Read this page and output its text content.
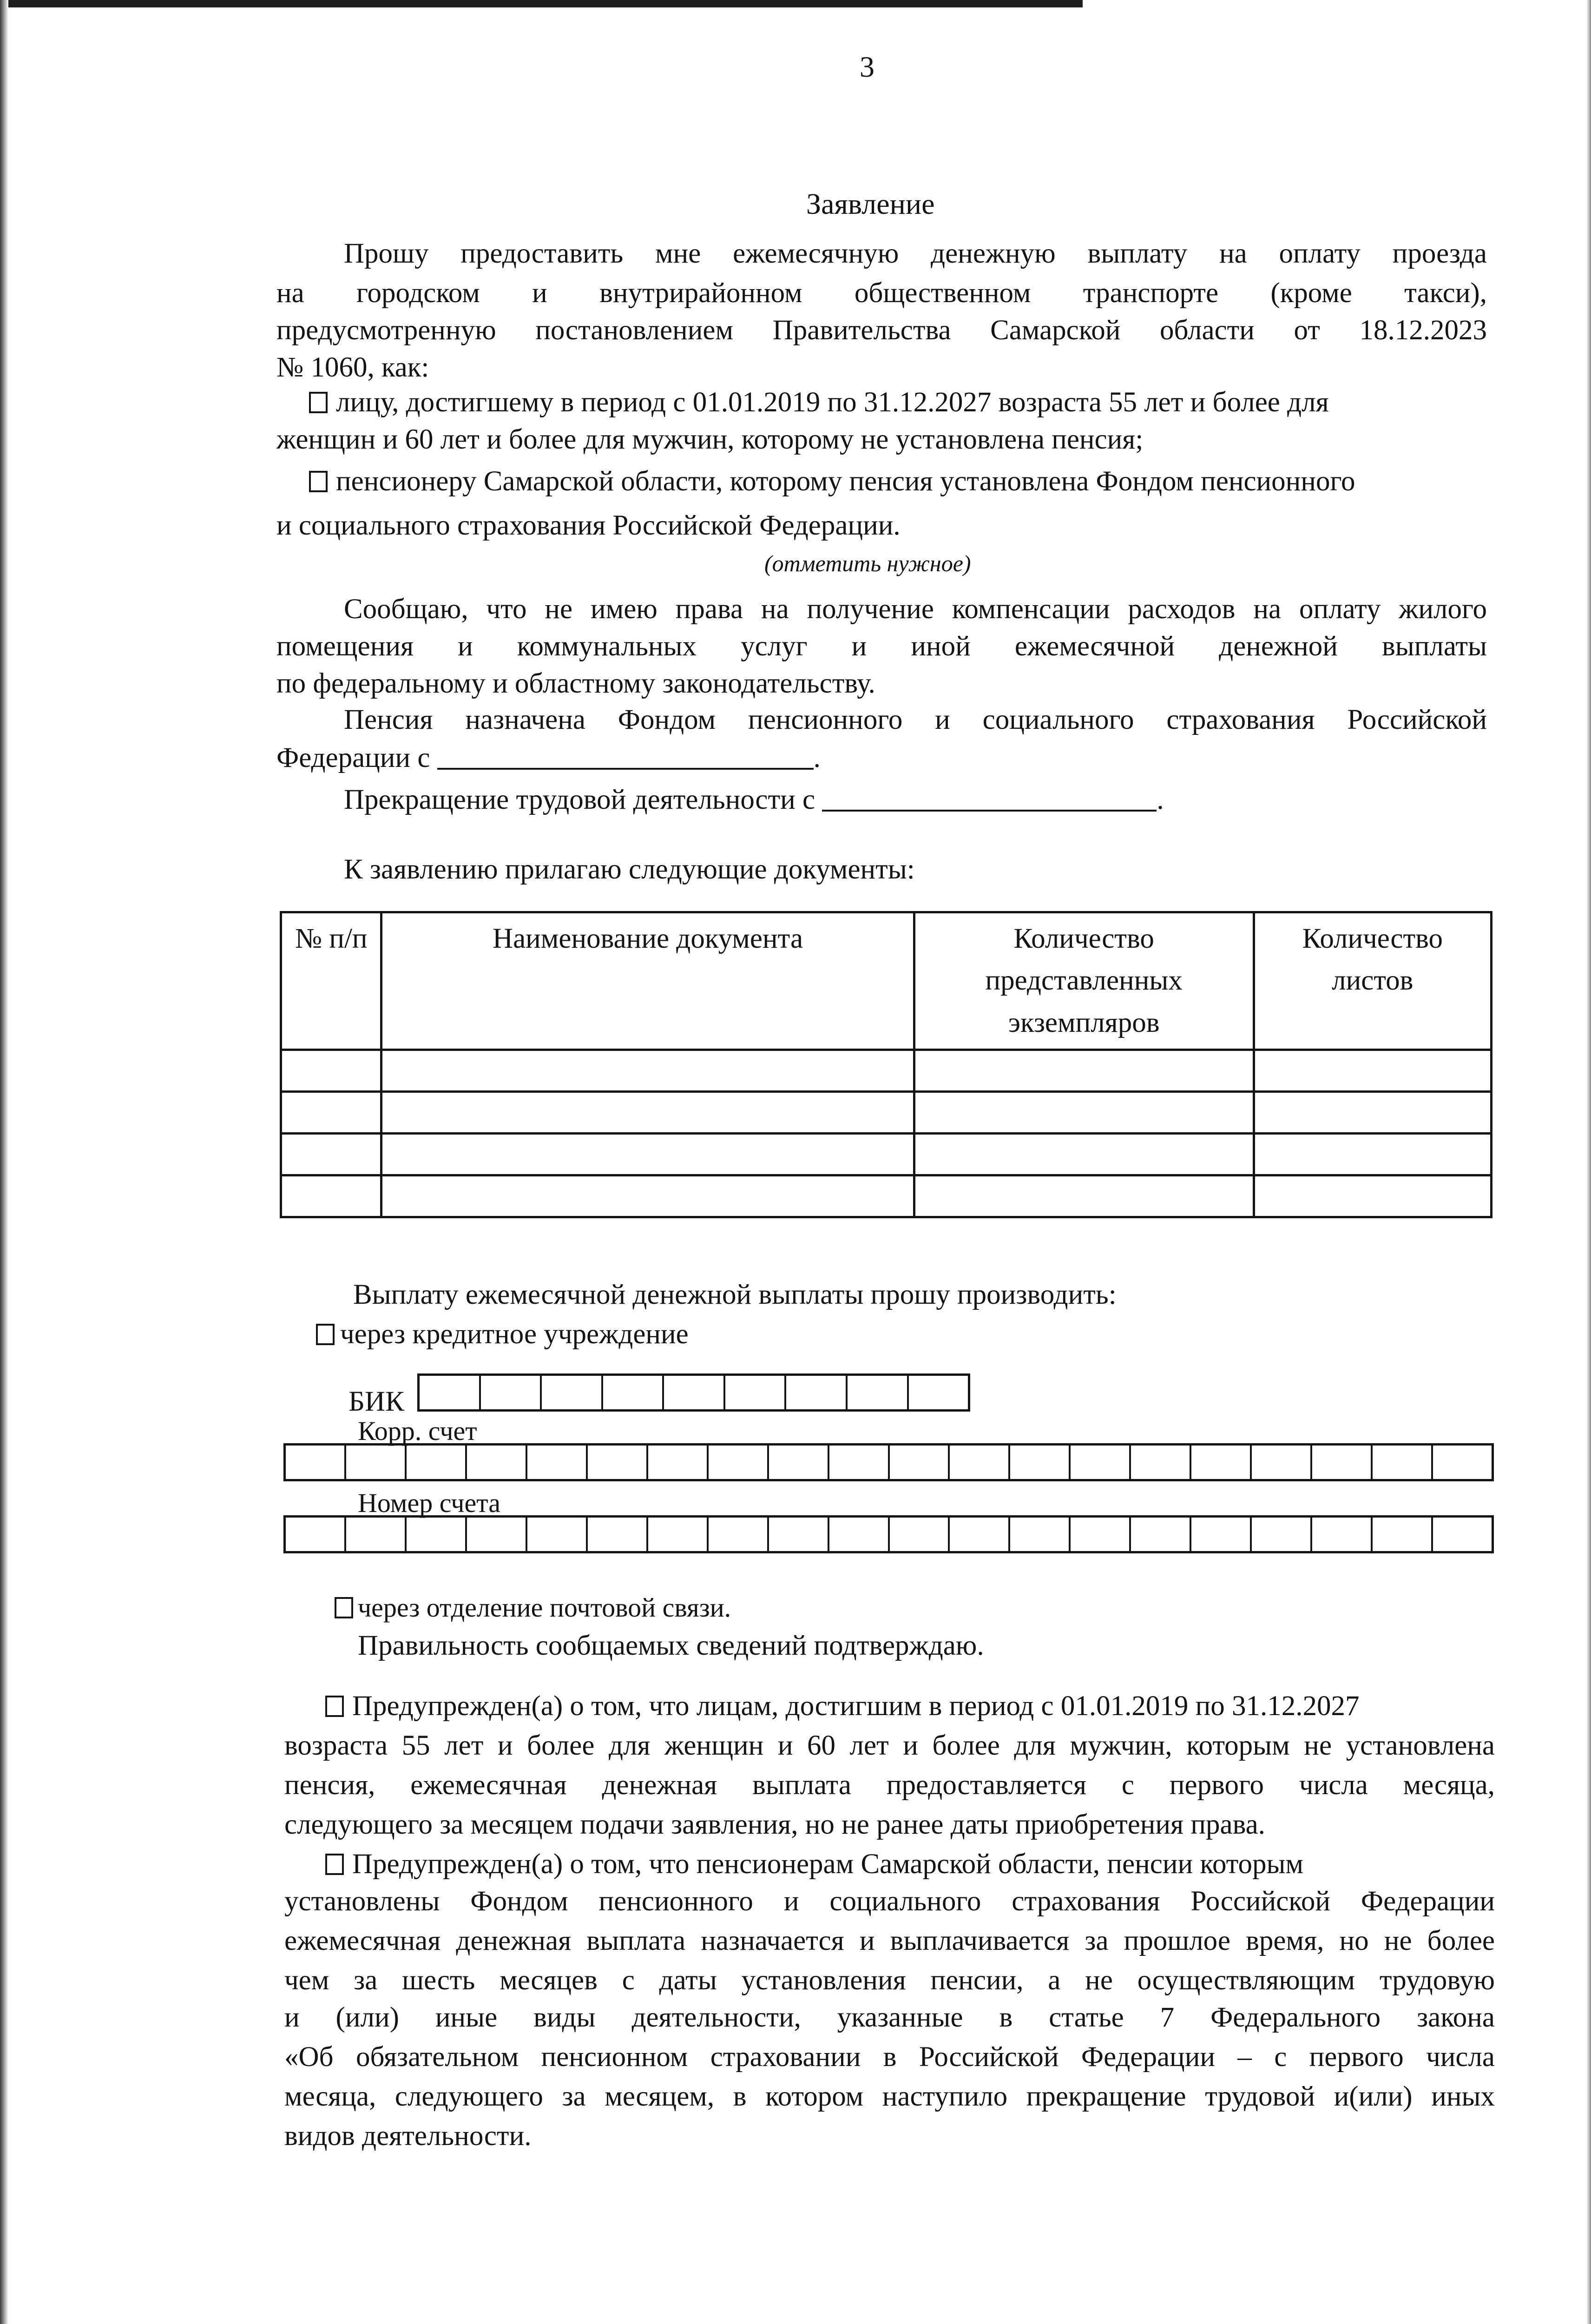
3
Заявление
Прошу предоставить мне ежемесячную денежную выплату на оплату проезда
на городском и внутрирайонном общественном транспорте (кроме такси),
предусмотренную постановлением Правительства Самарской области от 18.12.2023
№ 1060, как:
лицу, достигшему в период с 01.01.2019 по 31.12.2027 возраста 55 лет и более для
женщин и 60 лет и более для мужчин, которому не установлена пенсия;
пенсионеру Самарской области, которому пенсия установлена Фондом пенсионного
и социального страхования Российской Федерации.
(отметить нужное)
Сообщаю, что не имею права на получение компенсации расходов на оплату жилого
помещения и коммунальных услуг и иной ежемесячной денежной выплаты
по федеральному и областному законодательству.
Пенсия назначена Фондом пенсионного и социального страхования Российской
Федерации с	.
Прекращение трудовой деятельности с	.
К заявлению прилагаю следующие документы:
№ п/п	Наименование документа	Количество представленных экземпляров	Количество листов

Выплату ежемесячной денежной выплаты прошу производить:
через кредитное учреждение
БИК
Корр. счет
Номер счета
через отделение почтовой связи.
Правильность сообщаемых сведений подтверждаю.
Предупрежден(а) о том, что лицам, достигшим в период с 01.01.2019 по 31.12.2027
возраста 55 лет и более для женщин и 60 лет и более для мужчин, которым не установлена
пенсия, ежемесячная денежная выплата предоставляется с первого числа месяца,
следующего за месяцем подачи заявления, но не ранее даты приобретения права.
Предупрежден(а) о том, что пенсионерам Самарской области, пенсии которым
установлены Фондом пенсионного и социального страхования Российской Федерации
ежемесячная денежная выплата назначается и выплачивается за прошлое время, но не более
чем за шесть месяцев с даты установления пенсии, а не осуществляющим трудовую
и (или) иные виды деятельности, указанные в статье 7 Федерального закона
«Об обязательном пенсионном страховании в Российской Федерации – с первого числа
месяца, следующего за месяцем, в котором наступило прекращение трудовой и(или) иных
видов деятельности.
